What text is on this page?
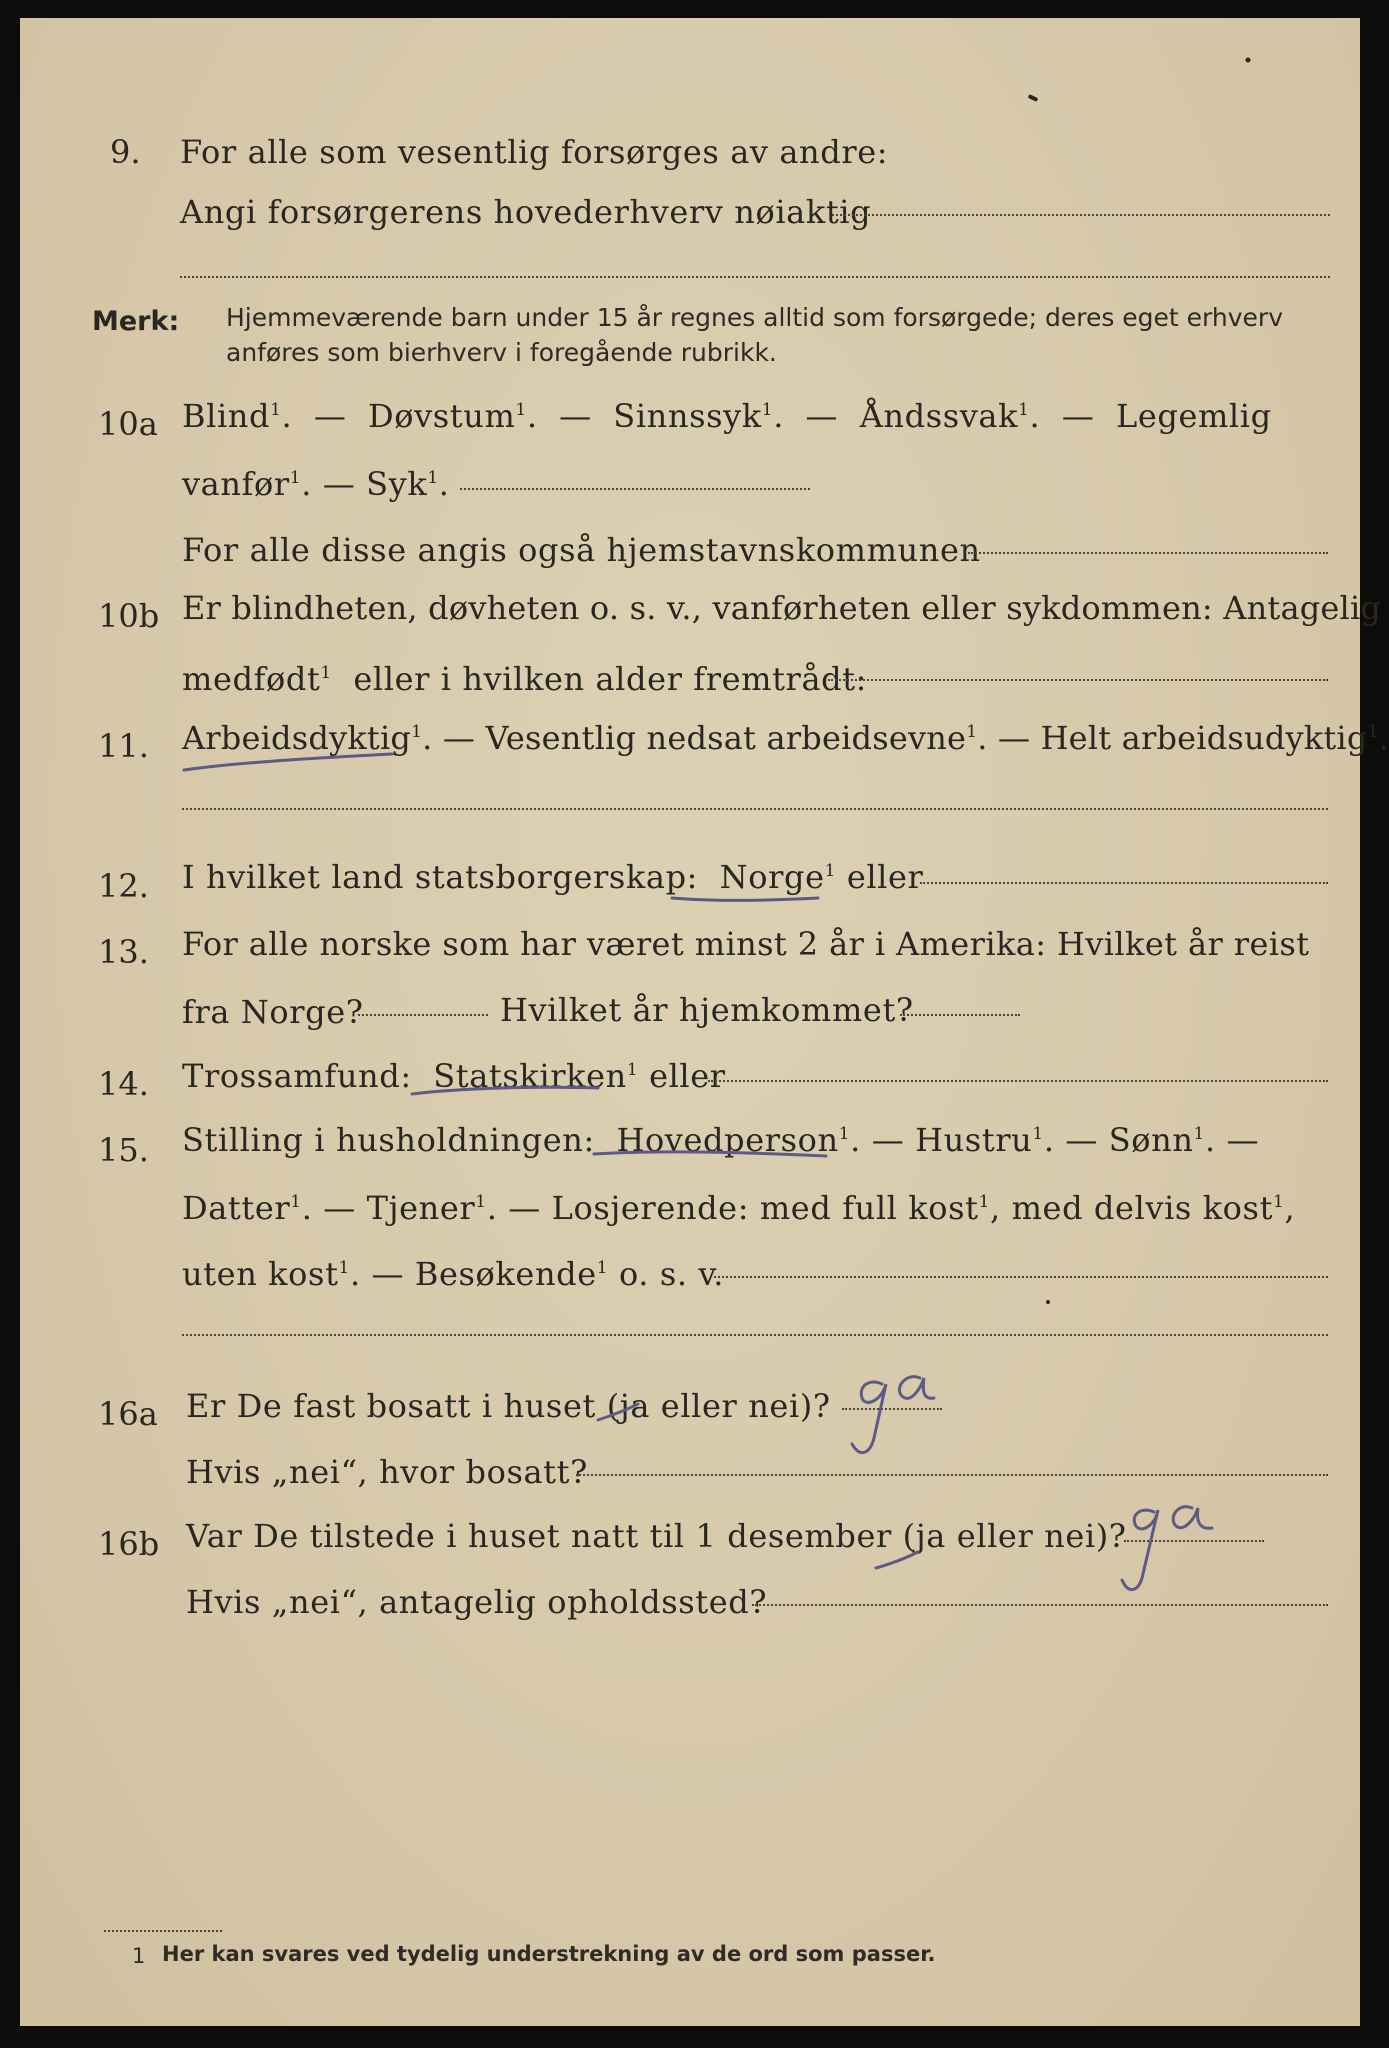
9. For alle som vesentlig forsørges av andre:
Angi forsørgerens hovederhverv nøiaktig
Merk: Hjemmeværende barn under 15 år regnes alltid som forsørgede; deres eget erhverv
anføres som bierhverv i foregående rubrikk.
10a Blind$^1$.  —  Døvstum$^1$.  —  Sinnssyk$^1$.  —  Åndssvak$^1$.  —  Legemlig
vanfør$^1$. — Syk$^1$.
For alle disse angis også hjemstavnskommunen
10b Er blindheten, døvheten o. s. v., vanførheten eller sykdommen: Antagelig
medfødt$^1$ eller i hvilken alder fremtrådt:
11. Arbeidsdyktig$^1$. — Vesentlig nedsat arbeidsevne$^1$. — Helt arbeidsudyktig$^1$.
12. I hvilket land statsborgerskap: Norge$^1$ eller
13. For alle norske som har været minst 2 år i Amerika: Hvilket år reist
fra Norge?	Hvilket år hjemkommet?
14. Trossamfund: Statskirken$^1$ eller
15. Stilling i husholdningen: Hovedperson$^1$. — Hustru$^1$. — Sønn$^1$. —
Datter$^1$. — Tjener$^1$. — Losjerende: med full kost$^1$, med delvis kost$^1$,
uten kost$^1$. — Besøkende$^1$ o. s. v.
16a Er De fast bosatt i huset (ja eller nei)?
Hvis „nei“, hvor bosatt?
16b Var De tilstede i huset natt til 1 desember (ja eller nei)?
Hvis „nei“, antagelig opholdssted?
1 Her kan svares ved tydelig understrekning av de ord som passer.
